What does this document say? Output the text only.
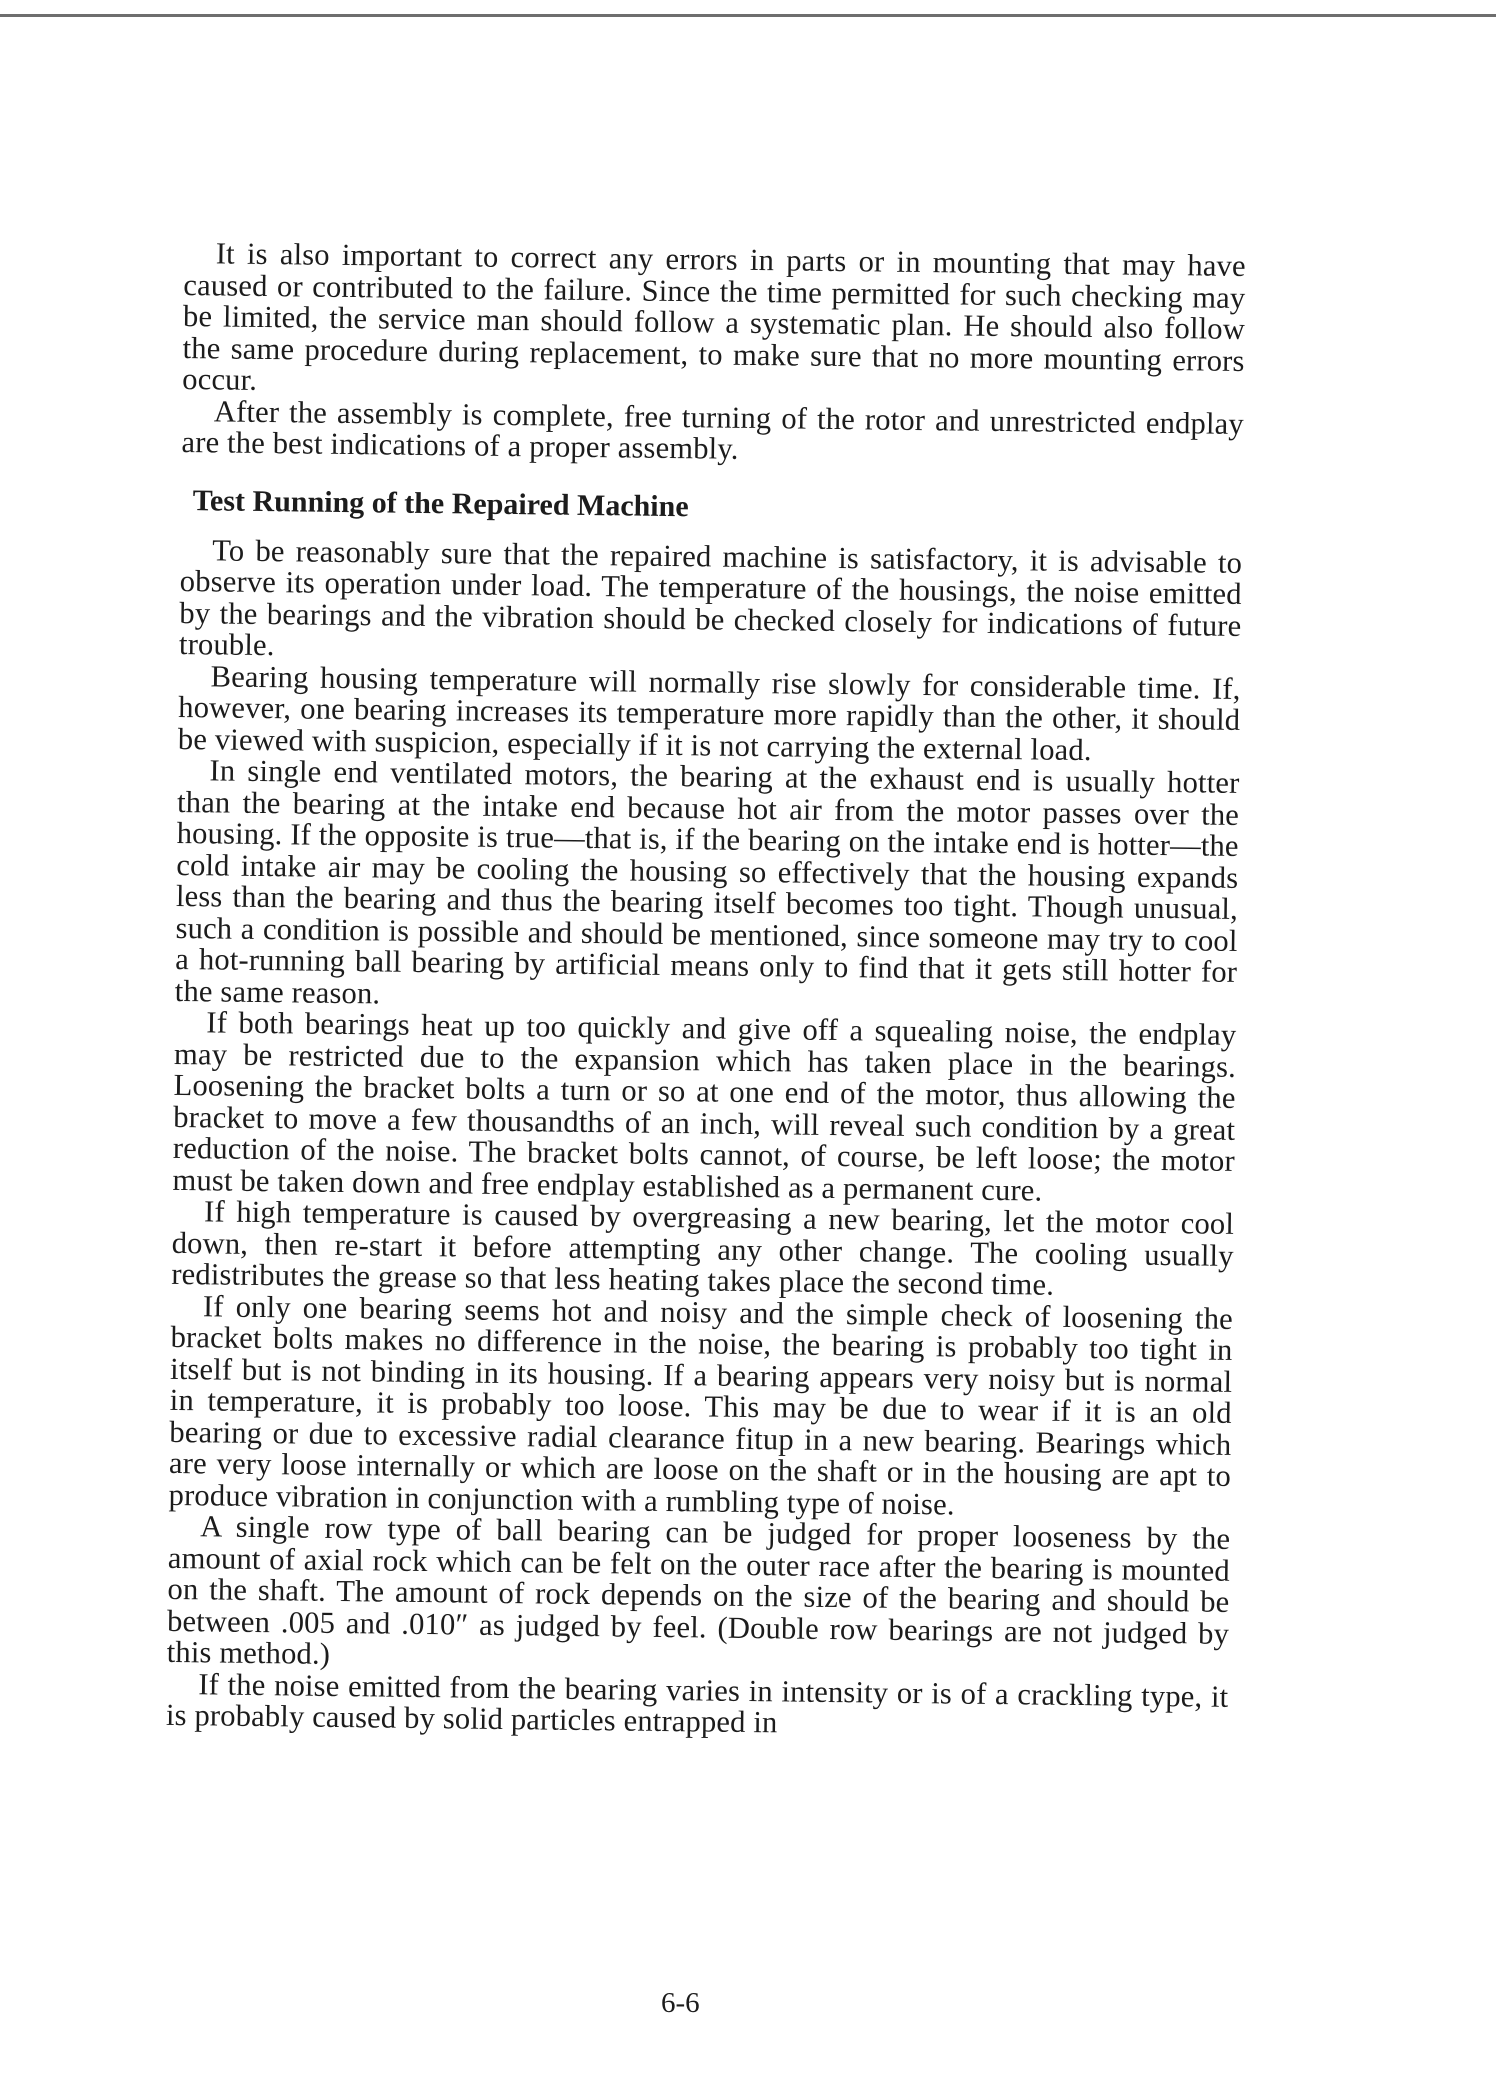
It is also important to correct any errors in parts or in mounting that may have caused or contributed to the failure. Since the time permitted for such checking may be limited, the service man should follow a systematic plan. He should also follow the same procedure during replacement, to make sure that no more mounting errors occur.

After the assembly is complete, free turning of the rotor and unrestricted endplay are the best indications of a proper assembly.

Test Running of the Repaired Machine

To be reasonably sure that the repaired machine is satisfactory, it is advisable to observe its operation under load. The temperature of the housings, the noise emitted by the bearings and the vibration should be checked closely for indications of future trouble.

Bearing housing temperature will normally rise slowly for considerable time. If, however, one bearing increases its temperature more rapidly than the other, it should be viewed with suspicion, especially if it is not carrying the external load.

In single end ventilated motors, the bearing at the exhaust end is usually hotter than the bearing at the intake end because hot air from the motor passes over the housing. If the opposite is true—that is, if the bearing on the intake end is hotter—the cold intake air may be cooling the housing so effectively that the housing expands less than the bearing and thus the bearing itself becomes too tight. Though unusual, such a condition is possible and should be mentioned, since someone may try to cool a hot-running ball bearing by artificial means only to find that it gets still hotter for the same reason.

If both bearings heat up too quickly and give off a squealing noise, the endplay may be restricted due to the expansion which has taken place in the bearings. Loosening the bracket bolts a turn or so at one end of the motor, thus allowing the bracket to move a few thousandths of an inch, will reveal such condition by a great reduction of the noise. The bracket bolts cannot, of course, be left loose; the motor must be taken down and free endplay established as a permanent cure.

If high temperature is caused by overgreasing a new bearing, let the motor cool down, then re-start it before attempting any other change. The cooling usually redistributes the grease so that less heating takes place the second time.

If only one bearing seems hot and noisy and the simple check of loosening the bracket bolts makes no difference in the noise, the bearing is probably too tight in itself but is not binding in its housing. If a bearing appears very noisy but is normal in temperature, it is probably too loose. This may be due to wear if it is an old bearing or due to excessive radial clearance fitup in a new bearing. Bearings which are very loose internally or which are loose on the shaft or in the housing are apt to produce vibration in conjunction with a rumbling type of noise.

A single row type of ball bearing can be judged for proper looseness by the amount of axial rock which can be felt on the outer race after the bearing is mounted on the shaft. The amount of rock depends on the size of the bearing and should be between .005 and .010″ as judged by feel. (Double row bearings are not judged by this method.)

If the noise emitted from the bearing varies in intensity or is of a crackling type, it is probably caused by solid particles entrapped in

6-6
